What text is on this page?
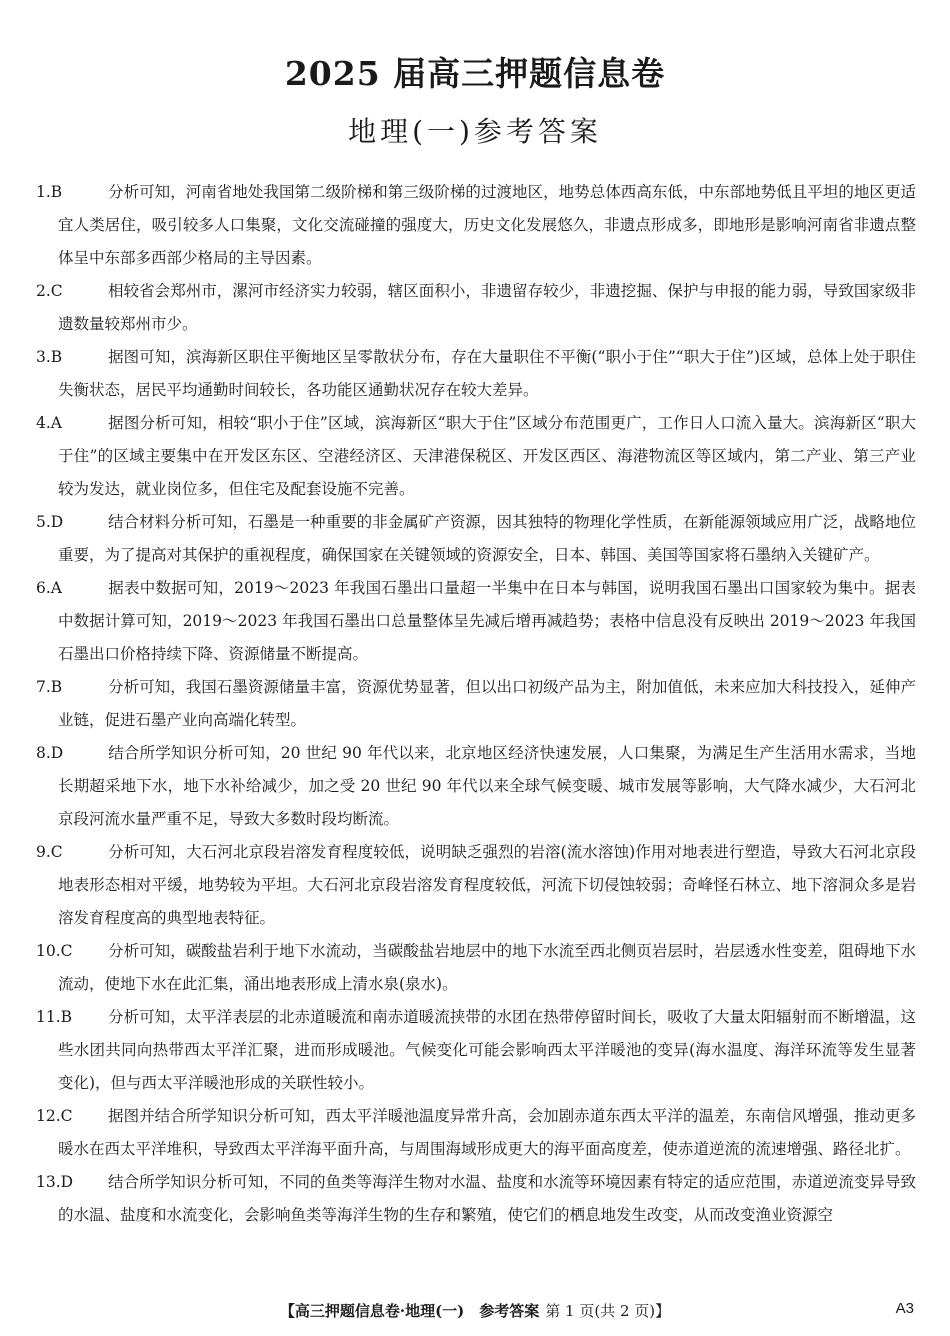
2025 届高三押题信息卷
地理(一)参考答案
1.B	分析可知，河南省地处我国第二级阶梯和第三级阶梯的过渡地区，地势总体西高东低，中东部地势低且平坦的地区更适宜人类居住，吸引较多人口集聚，文化交流碰撞的强度大，历史文化发展悠久，非遗点形成多，即地形是影响河南省非遗点整体呈中东部多西部少格局的主导因素。
2.C	相较省会郑州市，漯河市经济实力较弱，辖区面积小，非遗留存较少，非遗挖掘、保护与申报的能力弱，导致国家级非遗数量较郑州市少。
3.B	据图可知，滨海新区职住平衡地区呈零散状分布，存在大量职住不平衡(“职小于住”“职大于住”)区域，总体上处于职住失衡状态，居民平均通勤时间较长，各功能区通勤状况存在较大差异。
4.A	据图分析可知，相较“职小于住”区域，滨海新区“职大于住”区域分布范围更广，工作日人口流入量大。滨海新区“职大于住”的区域主要集中在开发区东区、空港经济区、天津港保税区、开发区西区、海港物流区等区域内，第二产业、第三产业较为发达，就业岗位多，但住宅及配套设施不完善。
5.D	结合材料分析可知，石墨是一种重要的非金属矿产资源，因其独特的物理化学性质，在新能源领域应用广泛，战略地位重要，为了提高对其保护的重视程度，确保国家在关键领域的资源安全，日本、韩国、美国等国家将石墨纳入关键矿产。
6.A	据表中数据可知，2019～2023 年我国石墨出口量超一半集中在日本与韩国，说明我国石墨出口国家较为集中。据表中数据计算可知，2019～2023 年我国石墨出口总量整体呈先减后增再减趋势；表格中信息没有反映出 2019～2023 年我国石墨出口价格持续下降、资源储量不断提高。
7.B	分析可知，我国石墨资源储量丰富，资源优势显著，但以出口初级产品为主，附加值低，未来应加大科技投入，延伸产业链，促进石墨产业向高端化转型。
8.D	结合所学知识分析可知，20 世纪 90 年代以来，北京地区经济快速发展，人口集聚，为满足生产生活用水需求，当地长期超采地下水，地下水补给减少，加之受 20 世纪 90 年代以来全球气候变暖、城市发展等影响，大气降水减少，大石河北京段河流水量严重不足，导致大多数时段均断流。
9.C	分析可知，大石河北京段岩溶发育程度较低，说明缺乏强烈的岩溶(流水溶蚀)作用对地表进行塑造，导致大石河北京段地表形态相对平缓，地势较为平坦。大石河北京段岩溶发育程度较低，河流下切侵蚀较弱；奇峰怪石林立、地下溶洞众多是岩溶发育程度高的典型地表特征。
10.C 分析可知，碳酸盐岩利于地下水流动，当碳酸盐岩地层中的地下水流至西北侧页岩层时，岩层透水性变差，阻碍地下水流动，使地下水在此汇集，涌出地表形成上清水泉(泉水)。
11.B 分析可知，太平洋表层的北赤道暖流和南赤道暖流挟带的水团在热带停留时间长，吸收了大量太阳辐射而不断增温，这些水团共同向热带西太平洋汇聚，进而形成暖池。气候变化可能会影响西太平洋暖池的变异(海水温度、海洋环流等发生显著变化)，但与西太平洋暖池形成的关联性较小。
12.C 据图并结合所学知识分析可知，西太平洋暖池温度异常升高，会加剧赤道东西太平洋的温差，东南信风增强，推动更多暖水在西太平洋堆积，导致西太平洋海平面升高，与周围海域形成更大的海平面高度差，使赤道逆流的流速增强、路径北扩。
13.D 结合所学知识分析可知，不同的鱼类等海洋生物对水温、盐度和水流等环境因素有特定的适应范围，赤道逆流变异导致的水温、盐度和水流变化，会影响鱼类等海洋生物的生存和繁殖，使它们的栖息地发生改变，从而改变渔业资源空
【高三押题信息卷·地理(一)　参考答案 第 1 页(共 2 页)】	A3
